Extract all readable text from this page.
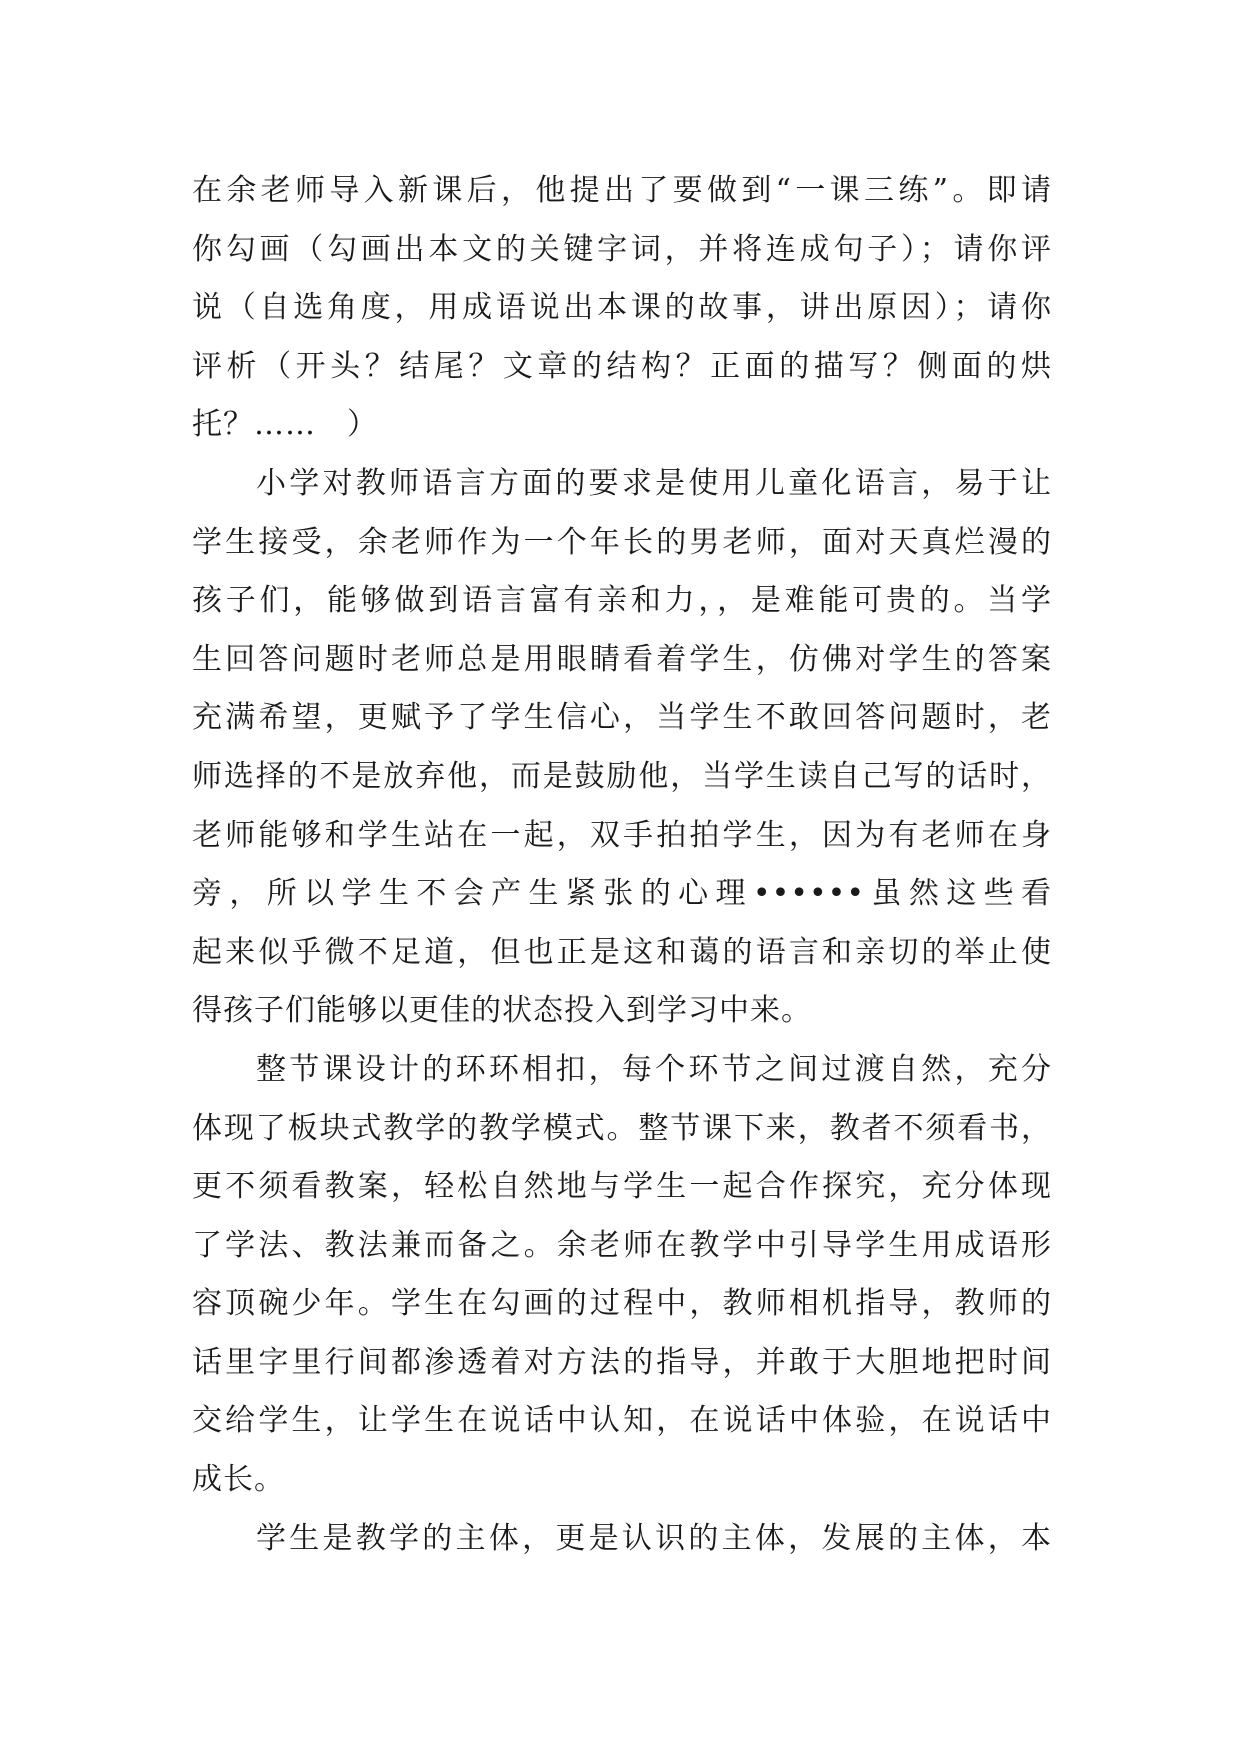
在余老师导入新课后，他提出了要做到“一课三练”。即请
你勾画（勾画出本文的关键字词，并将连成句子）；请你评
说（自选角度，用成语说出本课的故事，讲出原因）；请你
评析（开头？结尾？文章的结构？正面的描写？侧面的烘
托？……　）
小学对教师语言方面的要求是使用儿童化语言，易于让
学生接受，余老师作为一个年长的男老师，面对天真烂漫的
孩子们，能够做到语言富有亲和力，，是难能可贵的。当学
生回答问题时老师总是用眼睛看着学生，仿佛对学生的答案
充满希望，更赋予了学生信心，当学生不敢回答问题时，老
师选择的不是放弃他，而是鼓励他，当学生读自己写的话时，
老师能够和学生站在一起，双手拍拍学生，因为有老师在身
旁，所以学生不会产生紧张的心理••••••虽然这些看
起来似乎微不足道，但也正是这和蔼的语言和亲切的举止使
得孩子们能够以更佳的状态投入到学习中来。
整节课设计的环环相扣，每个环节之间过渡自然，充分
体现了板块式教学的教学模式。整节课下来，教者不须看书，
更不须看教案，轻松自然地与学生一起合作探究，充分体现
了学法、教法兼而备之。余老师在教学中引导学生用成语形
容顶碗少年。学生在勾画的过程中，教师相机指导，教师的
话里字里行间都渗透着对方法的指导，并敢于大胆地把时间
交给学生，让学生在说话中认知，在说话中体验，在说话中
成长。
学生是教学的主体，更是认识的主体，发展的主体，本
